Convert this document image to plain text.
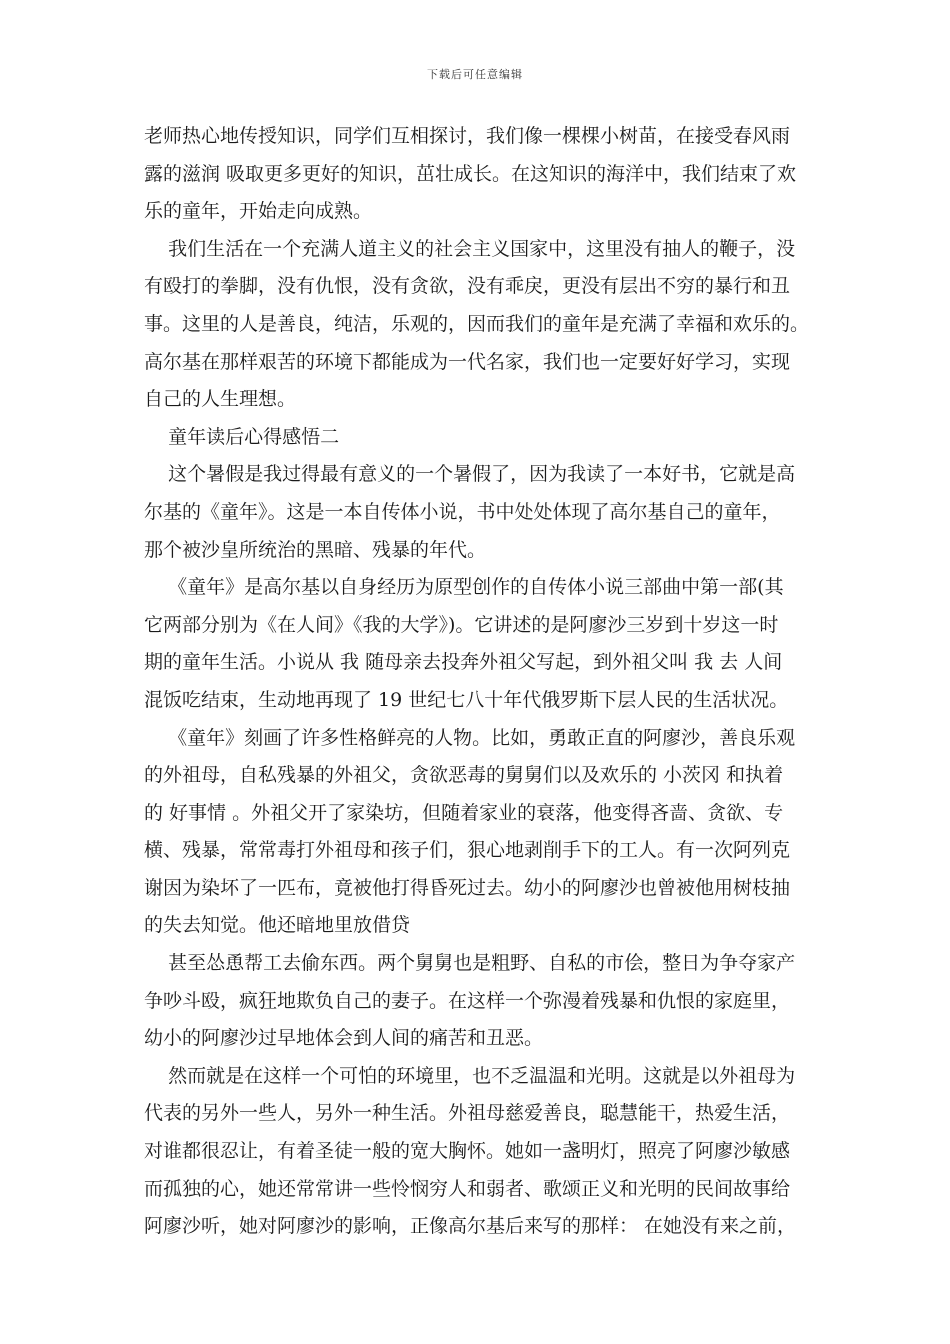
下载后可任意编辑
老师热心地传授知识，同学们互相探讨，我们像一棵棵小树苗，在接受春风雨
露的滋润 吸取更多更好的知识，茁壮成长。在这知识的海洋中，我们结束了欢
乐的童年，开始走向成熟。
我们生活在一个充满人道主义的社会主义国家中，这里没有抽人的鞭子，没
有殴打的拳脚，没有仇恨，没有贪欲，没有乖戾，更没有层出不穷的暴行和丑
事。这里的人是善良，纯洁，乐观的，因而我们的童年是充满了幸福和欢乐的。
高尔基在那样艰苦的环境下都能成为一代名家，我们也一定要好好学习，实现
自己的人生理想。
童年读后心得感悟二
这个暑假是我过得最有意义的一个暑假了，因为我读了一本好书，它就是高
尔基的《童年》。这是一本自传体小说，书中处处体现了高尔基自己的童年，
那个被沙皇所统治的黑暗、残暴的年代。
《童年》是高尔基以自身经历为原型创作的自传体小说三部曲中第一部(其
它两部分别为《在人间》《我的大学》)。它讲述的是阿廖沙三岁到十岁这一时
期的童年生活。小说从 我 随母亲去投奔外祖父写起，到外祖父叫 我 去 人间
混饭吃结束，生动地再现了 19 世纪七八十年代俄罗斯下层人民的生活状况。
《童年》刻画了许多性格鲜亮的人物。比如，勇敢正直的阿廖沙，善良乐观
的外祖母，自私残暴的外祖父，贪欲恶毒的舅舅们以及欢乐的 小茨冈 和执着
的 好事情 。外祖父开了家染坊，但随着家业的衰落，他变得吝啬、贪欲、专
横、残暴，常常毒打外祖母和孩子们，狠心地剥削手下的工人。有一次阿列克
谢因为染坏了一匹布，竟被他打得昏死过去。幼小的阿廖沙也曾被他用树枝抽
的失去知觉。他还暗地里放借贷
甚至怂恿帮工去偷东西。两个舅舅也是粗野、自私的市侩，整日为争夺家产
争吵斗殴，疯狂地欺负自己的妻子。在这样一个弥漫着残暴和仇恨的家庭里，
幼小的阿廖沙过早地体会到人间的痛苦和丑恶。
然而就是在这样一个可怕的环境里，也不乏温温和光明。这就是以外祖母为
代表的另外一些人，另外一种生活。外祖母慈爱善良，聪慧能干，热爱生活，
对谁都很忍让，有着圣徒一般的宽大胸怀。她如一盏明灯，照亮了阿廖沙敏感
而孤独的心，她还常常讲一些怜悯穷人和弱者、歌颂正义和光明的民间故事给
阿廖沙听，她对阿廖沙的影响，正像高尔基后来写的那样： 在她没有来之前，
